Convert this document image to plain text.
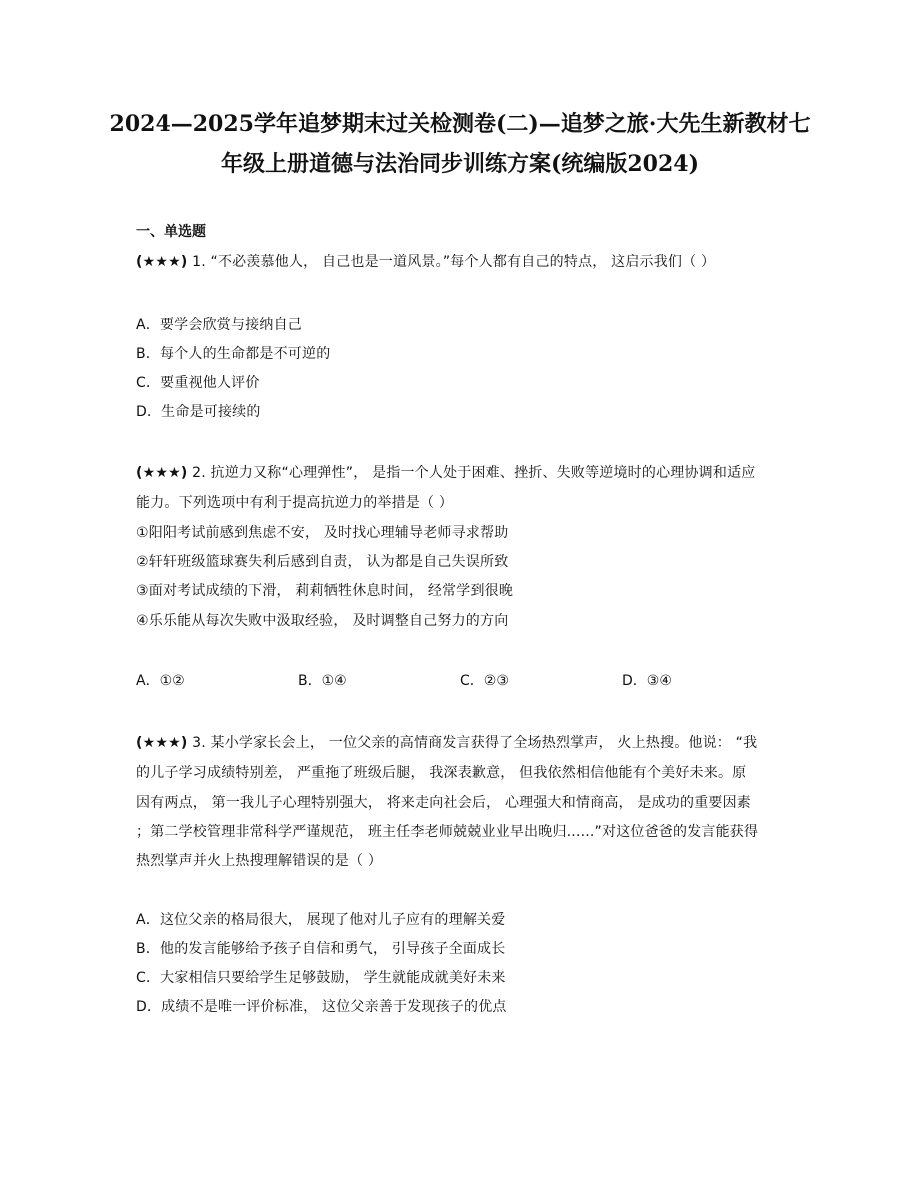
2024—2025学年追梦期末过关检测卷(二)—追梦之旅·大先生新教材七
年级上册道德与法治同步训练方案(统编版2024)
一、单选题
(★★★) 1. “不必羡慕他人， 自己也是一道风景。”每个人都有自己的特点， 这启示我们（ ）
A．要学会欣赏与接纳自己
B．每个人的生命都是不可逆的
C．要重视他人评价
D．生命是可接续的
(★★★) 2. 抗逆力又称“心理弹性”， 是指一个人处于困难、挫折、失败等逆境时的心理协调和适应
能力。下列选项中有利于提高抗逆力的举措是（ ）
①阳阳考试前感到焦虑不安， 及时找心理辅导老师寻求帮助
②轩轩班级篮球赛失利后感到自责， 认为都是自己失误所致
③面对考试成绩的下滑， 莉莉牺牲休息时间， 经常学到很晚
④乐乐能从每次失败中汲取经验， 及时调整自己努力的方向
A．①②	B．①④	C．②③	D．③④
(★★★) 3. 某小学家长会上， 一位父亲的高情商发言获得了全场热烈掌声， 火上热搜。他说： “我
的儿子学习成绩特别差， 严重拖了班级后腿， 我深表歉意， 但我依然相信他能有个美好未来。原
因有两点， 第一我儿子心理特别强大， 将来走向社会后， 心理强大和情商高， 是成功的重要因素
；第二学校管理非常科学严谨规范， 班主任李老师兢兢业业早出晚归......”对这位爸爸的发言能获得
热烈掌声并火上热搜理解错误的是（ ）
A．这位父亲的格局很大， 展现了他对儿子应有的理解关爱
B．他的发言能够给予孩子自信和勇气， 引导孩子全面成长
C．大家相信只要给学生足够鼓励， 学生就能成就美好未来
D．成绩不是唯一评价标准， 这位父亲善于发现孩子的优点
